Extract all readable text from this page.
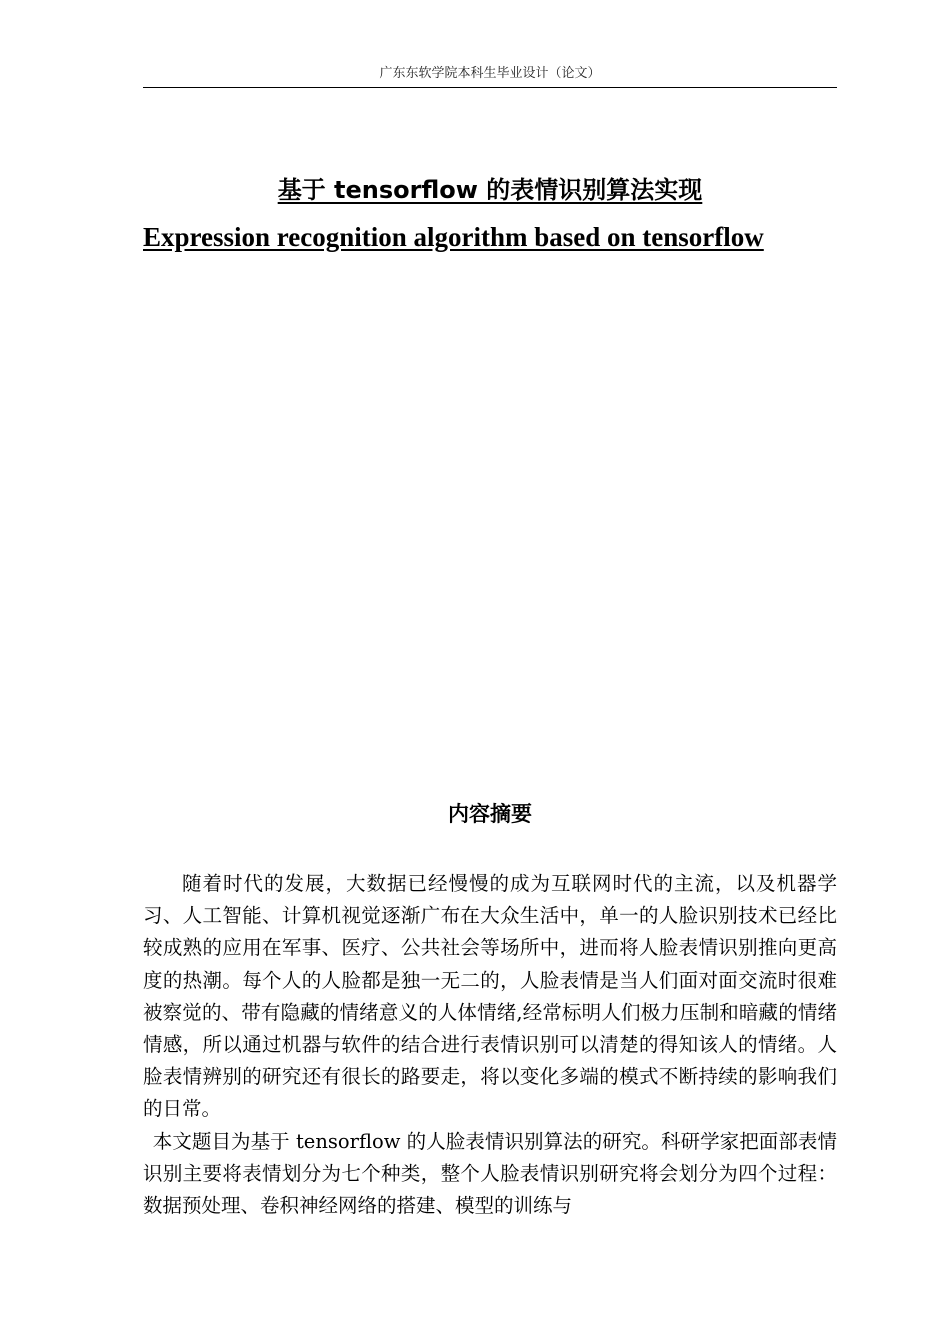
广东东软学院本科生毕业设计（论文）
基于 tensorflow 的表情识别算法实现
Expression recognition algorithm based on tensorflow
内容摘要

随着时代的发展，大数据已经慢慢的成为互联网时代的主流，以及机器学习、人工智能、计算机视觉逐渐广布在大众生活中，单一的人脸识别技术已经比较成熟的应用在军事、医疗、公共社会等场所中，进而将人脸表情识别推向更高度的热潮。每个人的人脸都是独一无二的，人脸表情是当人们面对面交流时很难被察觉的、带有隐藏的情绪意义的人体情绪,经常标明人们极力压制和暗藏的情绪情感，所以通过机器与软件的结合进行表情识别可以清楚的得知该人的情绪。人脸表情辨别的研究还有很长的路要走，将以变化多端的模式不断持续的影响我们的日常。

本文题目为基于 tensorflow 的人脸表情识别算法的研究。科研学家把面部表情识别主要将表情划分为七个种类，整个人脸表情识别研究将会划分为四个过程：数据预处理、卷积神经网络的搭建、模型的训练与
